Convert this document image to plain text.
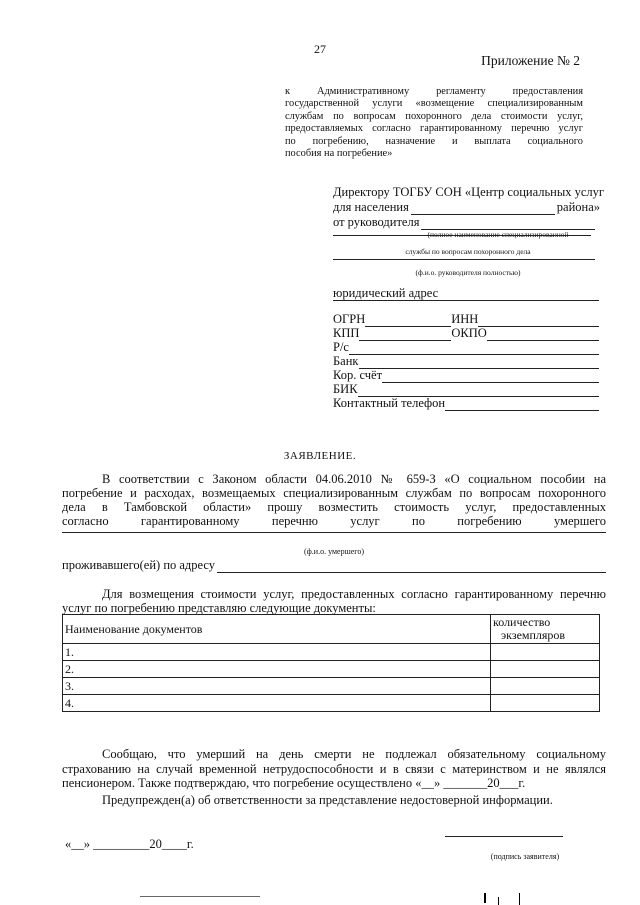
27
Приложение № 2
к Административному регламенту предоставления
государственной услуги «возмещение специализированным
службам по вопросам похоронного дела стоимости услуг,
предоставляемых согласно гарантированному перечню услуг
по погребению, назначение и выплата социального
пособия на погребение»
Директору ТОГБУ СОН «Центр социальных услуг
для населения	района»
от руководителя
(полное наименование специализированной
службы по вопросам похоронного дела
(ф.и.о. руководителя полностью)
юридический адрес
ОГРН	ИНН
КПП	ОКПО
Р/с
Банк
Кор. счёт
БИК
Контактный телефон
ЗАЯВЛЕНИЕ.
В соответствии с Законом области 04.06.2010 № 659-З «О социальном пособии на
погребение и расходах, возмещаемых специализированным службам по вопросам похоронного
дела в Тамбовской области» прошу возместить стоимость услуг, предоставленных
согласно гарантированному перечню услуг по погребению умершего
(ф.и.о. умершего)
проживавшего(ей) по адресу
Для возмещения стоимости услуг, предоставленных согласно гарантированному перечню
услуг по погребению представляю следующие документы:
Наименование документов	количество
экземпляров

1.	
2.	
3.	
4.	
Сообщаю, что умерший на день смерти не подлежал обязательному социальному
страхованию на случай временной нетрудоспособности и в связи с материнством и не являлся
пенсионером. Также подтверждаю, что погребение осуществлено «__» _______20___г.
Предупрежден(а) об ответственности за представление недостоверной информации.
«__» _________20____г.
(подпись заявителя)
